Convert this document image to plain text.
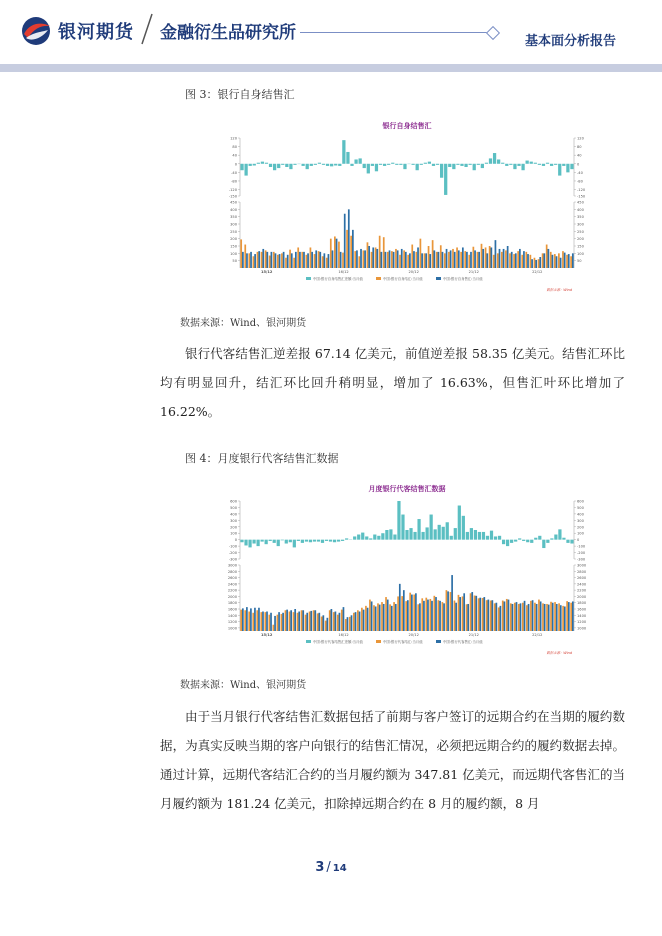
银河期货 金融衍生品研究所	基本面分析报告
图 3：银行自身结售汇
银行自身结售汇
120	120
80	80
40	40
0	0
-40	-40
-80	-80
-120	-120
-150	-150
450	450
400	400
350	350
300	300
250	250
200	200
150	150
100	100
50	50
15/12	16/12	20/12	21/12	22/12
中国:银行自身结售汇差额:当月值	中国:银行自身结汇:当月值	中国:银行自身售汇:当月值
数据来源：Wind
数据来源：Wind、银河期货

银行代客结售汇逆差报 67.14 亿美元，前值逆差报 58.35 亿美元。结售汇环比均有明显回升，结汇环比回升稍明显，增加了 16.63%，但售汇叶环比增加了 16.22%。

图 4：月度银行代客结售汇数据
月度银行代客结售汇数据
600	600
500	500
400	400
300	300
200	200
100	100
0	0
-100	-100
-200	-200
-300	-300
3000	3000
2800	2800
2600	2600
2400	2400
2200	2200
2000	2000
1800	1800
1600	1600
1400	1400
1200	1200
1000	1000
15/12	16/12	20/12	21/12	22/12
中国:银行代客结售汇差额:当月值	中国:银行代客结汇:当月值	中国:银行代客售汇:当月值
数据来源：Wind
数据来源：Wind、银河期货

由于当月银行代客结售汇数据包括了前期与客户签订的远期合约在当期的履约数据，为真实反映当期的客户向银行的结售汇情况，必须把远期合约的履约数据去掉。通过计算，远期代客结汇合约的当月履约额为 347.81 亿美元，而远期代客售汇的当月履约额为 181.24 亿美元，扣除掉远期合约在 8 月的履约额，8 月

3 / 14
